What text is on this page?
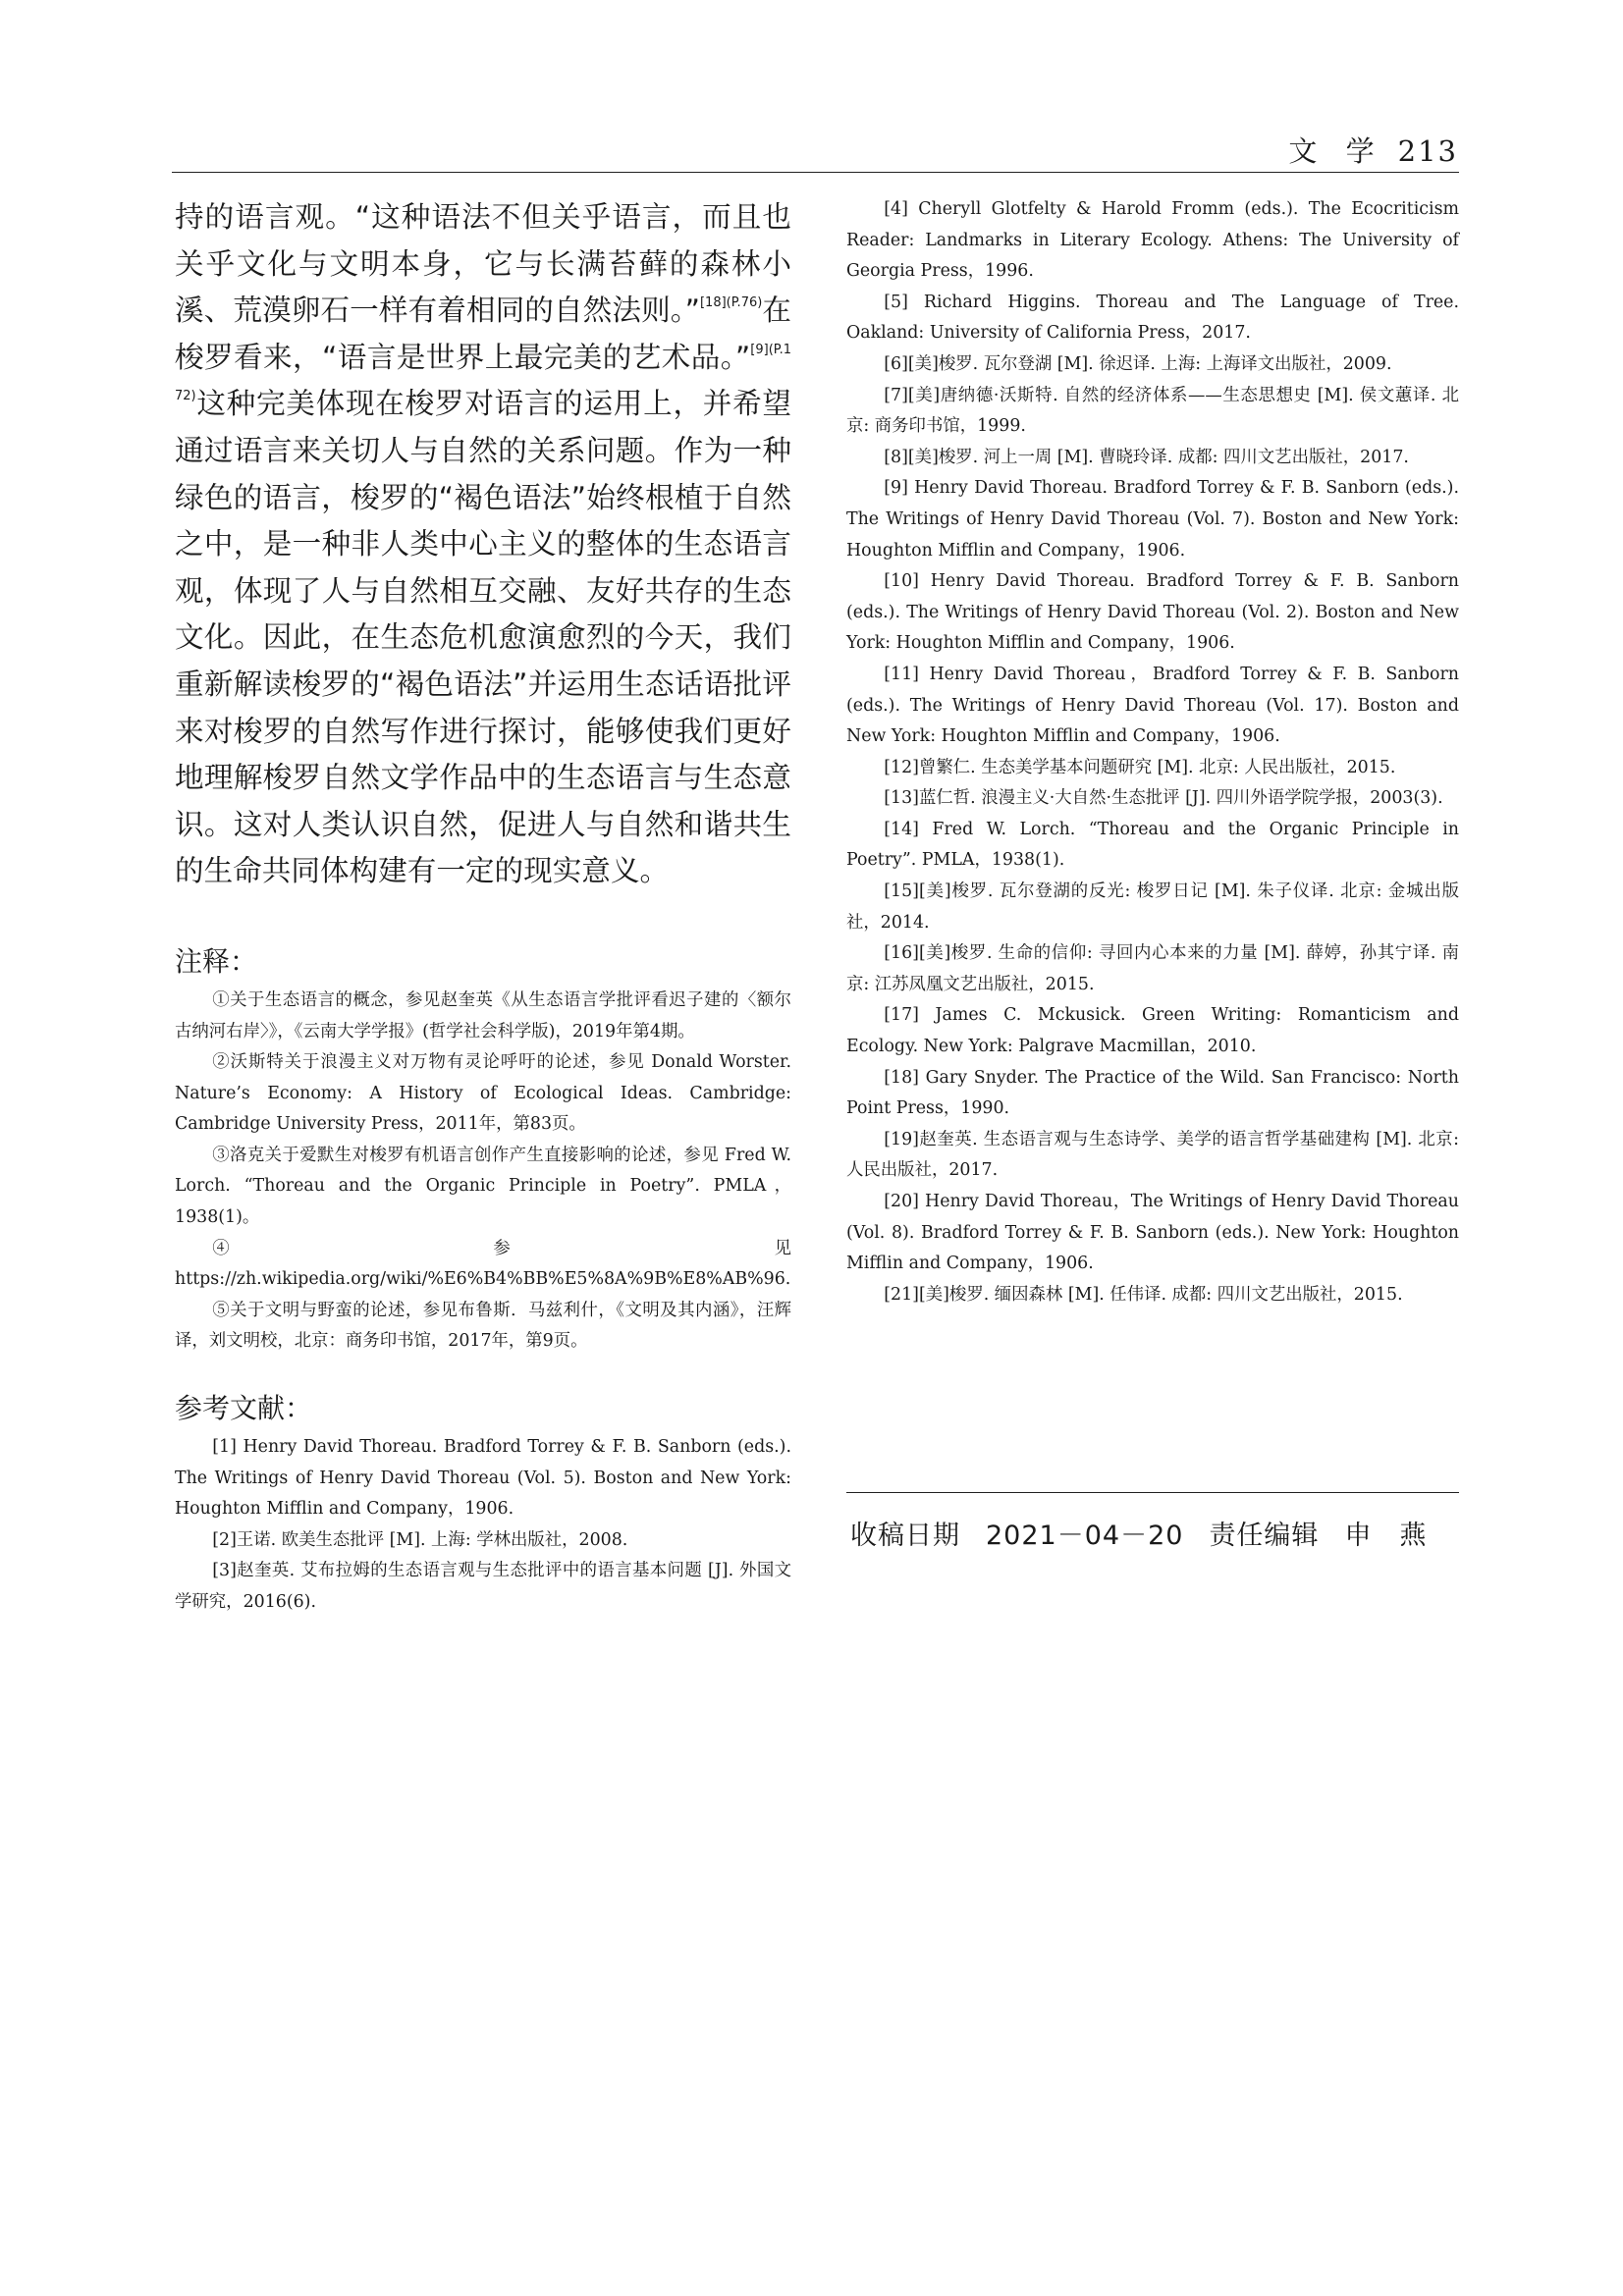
文 学 213

持的语言观。“这种语法不但关乎语言，而且也关乎文化与文明本身，它与长满苔藓的森林小溪、荒漠卵石一样有着相同的自然法则。”$^{[18](P.76)}$在梭罗看来，“语言是世界上最完美的艺术品。”$^{[9](P.172)}$这种完美体现在梭罗对语言的运用上，并希望通过语言来关切人与自然的关系问题。作为一种绿色的语言，梭罗的“褐色语法”始终根植于自然之中，是一种非人类中心主义的整体的生态语言观，体现了人与自然相互交融、友好共存的生态文化。因此，在生态危机愈演愈烈的今天，我们重新解读梭罗的“褐色语法”并运用生态话语批评来对梭罗的自然写作进行探讨，能够使我们更好地理解梭罗自然文学作品中的生态语言与生态意识。这对人类认识自然，促进人与自然和谐共生的生命共同体构建有一定的现实意义。

注释：

①关于生态语言的概念，参见赵奎英《从生态语言学批评看迟子建的〈额尔古纳河右岸〉》，《云南大学学报》(哲学社会科学版)，2019年第4期。

②沃斯特关于浪漫主义对万物有灵论呼吁的论述，参见 Donald Worster. Nature’s Economy: A History of Ecological Ideas. Cambridge: Cambridge University Press，2011年，第83页。

③洛克关于爱默生对梭罗有机语言创作产生直接影响的论述，参见 Fred W. Lorch. “Thoreau and the Organic Principle in Poetry”. PMLA，1938(1)。

④参见 https://zh.wikipedia.org/wiki/%E6%B4%BB%E5%8A%9B%E8%AB%96.

⑤关于文明与野蛮的论述，参见布鲁斯．马兹利什，《文明及其内涵》，汪辉译，刘文明校，北京：商务印书馆，2017年，第9页。

参考文献：

[1] Henry David Thoreau. Bradford Torrey & F. B. Sanborn (eds.). The Writings of Henry David Thoreau (Vol. 5). Boston and New York: Houghton Mifflin and Company，1906.

[2]王诺. 欧美生态批评 [M]. 上海: 学林出版社，2008.

[3]赵奎英. 艾布拉姆的生态语言观与生态批评中的语言基本问题 [J]. 外国文学研究，2016(6).

[4] Cheryll Glotfelty & Harold Fromm (eds.). The Ecocriticism Reader: Landmarks in Literary Ecology. Athens: The University of Georgia Press，1996.

[5] Richard Higgins. Thoreau and The Language of Tree. Oakland: University of California Press，2017.

[6][美]梭罗. 瓦尔登湖 [M]. 徐迟译. 上海: 上海译文出版社，2009.

[7][美]唐纳德·沃斯特. 自然的经济体系——生态思想史 [M]. 侯文蕙译. 北京: 商务印书馆，1999.

[8][美]梭罗. 河上一周 [M]. 曹晓玲译. 成都: 四川文艺出版社，2017.

[9] Henry David Thoreau. Bradford Torrey & F. B. Sanborn (eds.). The Writings of Henry David Thoreau (Vol. 7). Boston and New York: Houghton Mifflin and Company，1906.

[10] Henry David Thoreau. Bradford Torrey & F. B. Sanborn (eds.). The Writings of Henry David Thoreau (Vol. 2). Boston and New York: Houghton Mifflin and Company，1906.

[11] Henry David Thoreau，Bradford Torrey & F. B. Sanborn (eds.). The Writings of Henry David Thoreau (Vol. 17). Boston and New York: Houghton Mifflin and Company，1906.

[12]曾繁仁. 生态美学基本问题研究 [M]. 北京: 人民出版社，2015.

[13]蓝仁哲. 浪漫主义·大自然·生态批评 [J]. 四川外语学院学报，2003(3).

[14] Fred W. Lorch. “Thoreau and the Organic Principle in Poetry”. PMLA，1938(1).

[15][美]梭罗. 瓦尔登湖的反光: 梭罗日记 [M]. 朱子仪译. 北京: 金城出版社，2014.

[16][美]梭罗. 生命的信仰: 寻回内心本来的力量 [M]. 薛婷，孙其宁译. 南京: 江苏凤凰文艺出版社，2015.

[17] James C. Mckusick. Green Writing: Romanticism and Ecology. New York: Palgrave Macmillan，2010.

[18] Gary Snyder. The Practice of the Wild. San Francisco: North Point Press，1990.

[19]赵奎英. 生态语言观与生态诗学、美学的语言哲学基础建构 [M]. 北京: 人民出版社，2017.

[20] Henry David Thoreau，The Writings of Henry David Thoreau (Vol. 8). Bradford Torrey & F. B. Sanborn (eds.). New York: Houghton Mifflin and Company，1906.

[21][美]梭罗. 缅因森林 [M]. 任伟译. 成都: 四川文艺出版社，2015.

收稿日期 2021－04－20 责任编辑 申　燕
